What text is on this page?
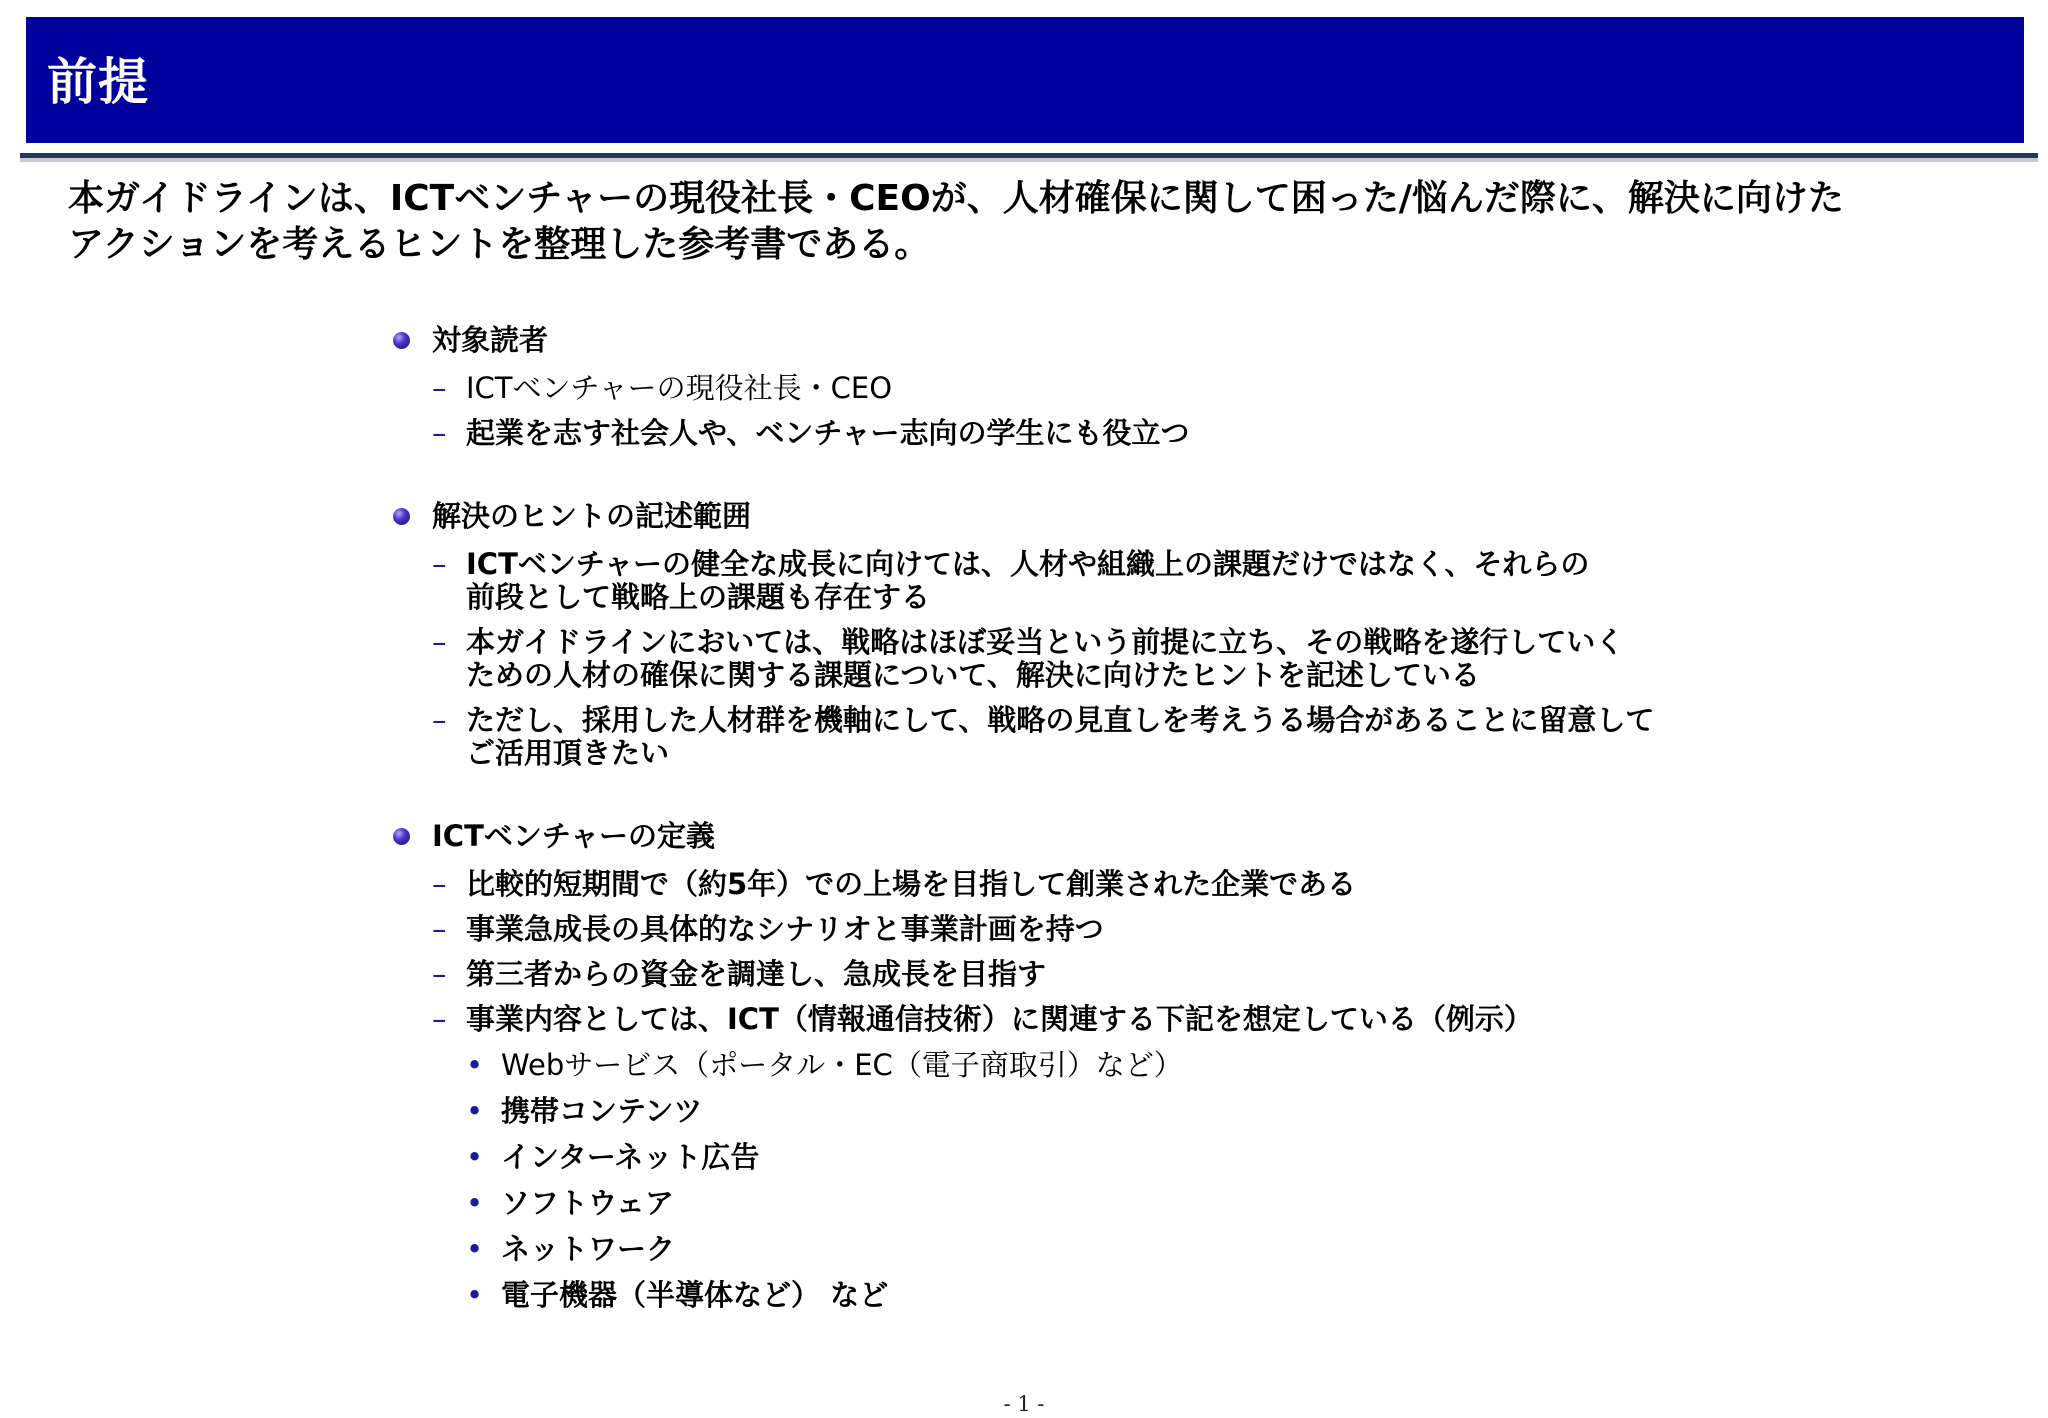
前提
本ガイドラインは、ICTベンチャーの現役社長・CEOが、人材確保に関して困った/悩んだ際に、解決に向けた
アクションを考えるヒントを整理した参考書である。
対象読者
– ICTベンチャーの現役社長・CEO
– 起業を志す社会人や、ベンチャー志向の学生にも役立つ
解決のヒントの記述範囲
– ICTベンチャーの健全な成長に向けては、人材や組織上の課題だけではなく、それらの
前段として戦略上の課題も存在する
– 本ガイドラインにおいては、戦略はほぼ妥当という前提に立ち、その戦略を遂行していく
ための人材の確保に関する課題について、解決に向けたヒントを記述している
– ただし、採用した人材群を機軸にして、戦略の見直しを考えうる場合があることに留意して
ご活用頂きたい
ICTベンチャーの定義
– 比較的短期間で（約5年）での上場を目指して創業された企業である
– 事業急成長の具体的なシナリオと事業計画を持つ
– 第三者からの資金を調達し、急成長を目指す
– 事業内容としては、ICT（情報通信技術）に関連する下記を想定している（例示）
• Webサービス（ポータル・EC（電子商取引）など）
• 携帯コンテンツ
• インターネット広告
• ソフトウェア
• ネットワーク
• 電子機器（半導体など） など
- 1 -
